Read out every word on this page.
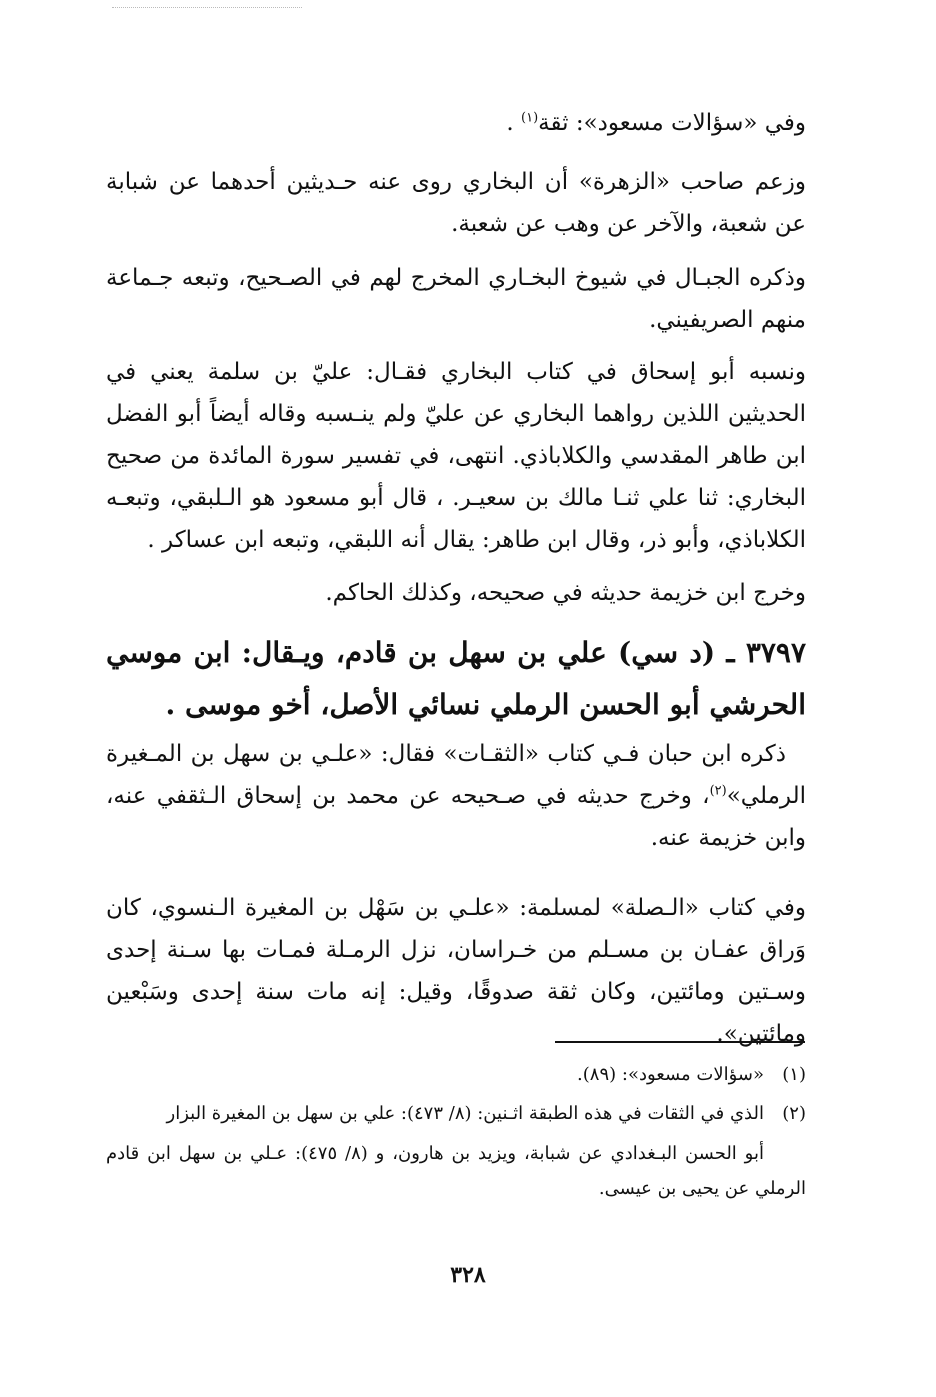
وفي «سؤالات مسعود»: ثقة$^{(١)}$ .

وزعم صاحب «الزهرة» أن البخاري روى عنه حـديثين أحدهما عن شبابة عن شعبة، والآخر عن وهب عن شعبة.

وذكره الجبـال في شيوخ البخـاري المخرج لهم في الصـحيح، وتبعه جـماعة منهم الصريفيني.

ونسبه أبو إسحاق في كتاب البخاري فقـال: عليّ بن سلمة يعني في الحديثين اللذين رواهما البخاري عن عليّ ولم ينـسبه وقاله أيضاً أبو الفضل ابن طاهر المقدسي والكلاباذي. انتهى، في تفسير سورة المائدة من صحيح البخاري: ثنا علي ثنـا مالك بن سعيـر. ، قال أبو مسعود هو الـلبقي، وتبعـه الكلاباذي، وأبو ذر، وقال ابن طاهر: يقال أنه اللبقي، وتبعه ابن عساكر .

وخرج ابن خزيمة حديثه في صحيحه، وكذلك الحاكم.

٣٧٩٧ ـ (د سي) علي بن سهل بن قادم، ويـقال: ابن موسي الحرشي أبو الحسن الرملي نسائي الأصل، أخو موسى .

ذكره ابن حبان فـي كتاب «الثقـات» فقال: «علـي بن سهل بن المـغيرة الرملي»$^{(٢)}$، وخرج حديثه في صـحيحه عن محمد بن إسحاق الـثقفي عنه، وابن خزيمة عنه.

وفي كتاب «الـصلة» لمسلمة: «علـي بن سَهْل بن المغيرة الـنسوي، كان وَراق عفـان بن مسـلم من خـراسان، نزل الرمـلة فمـات بها سـنة إحدى وسـتين ومائتين، وكان ثقة صدوقًا، وقيل: إنه مات سنة إحدى وسَبْعين ومائتين».

(١)«سؤالات مسعود»: (٨٩).

(٢)الذي في الثقات في هذه الطبقة اثـنين: (٨/ ٤٧٣): علي بن سهل بن المغيرة البزار

أبو الحسن البـغدادي عن شبابة، ويزيد بن هارون، و (٨/ ٤٧٥): عـلي بن سهل ابن قادم الرملي عن يحيى بن عيسى.

٣٢٨
